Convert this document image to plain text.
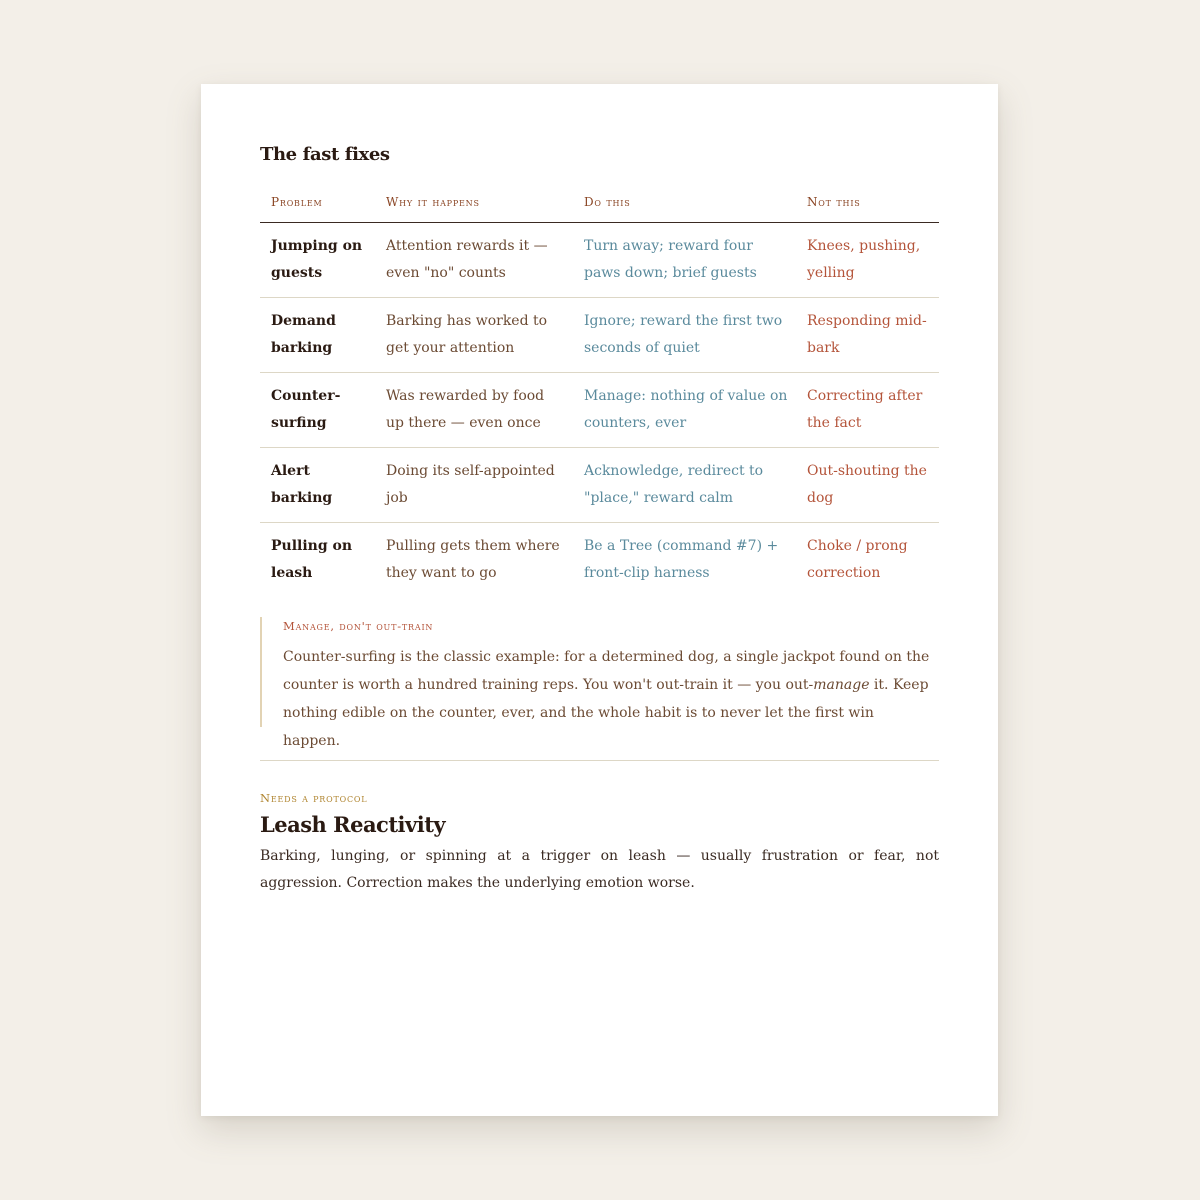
The fast fixes
Problem	Why it happens	Do this	Not this
Jumping on guests	Attention rewards it — even "no" counts	Turn away; reward four paws down; brief guests	Knees, pushing, yelling
Demand barking	Barking has worked to get your attention	Ignore; reward the first two seconds of quiet	Responding mid-bark
Counter-surfing	Was rewarded by food up there — even once	Manage: nothing of value on counters, ever	Correcting after the fact
Alert barking	Doing its self-appointed job	Acknowledge, redirect to "place," reward calm	Out-shouting the dog
Pulling on leash	Pulling gets them where they want to go	Be a Tree (command #7) + front-clip harness	Choke / prong correction
Manage, don't out-train

Counter-surfing is the classic example: for a determined dog, a single jackpot found on the counter is worth a hundred training reps. You won't out-train it — you out-manage it. Keep nothing edible on the counter, ever, and the whole habit is to never let the first win happen.

Needs a protocol
Leash Reactivity

Barking, lunging, or spinning at a trigger on leash — usually frustration or fear, not aggression. Correction makes the underlying emotion worse.
